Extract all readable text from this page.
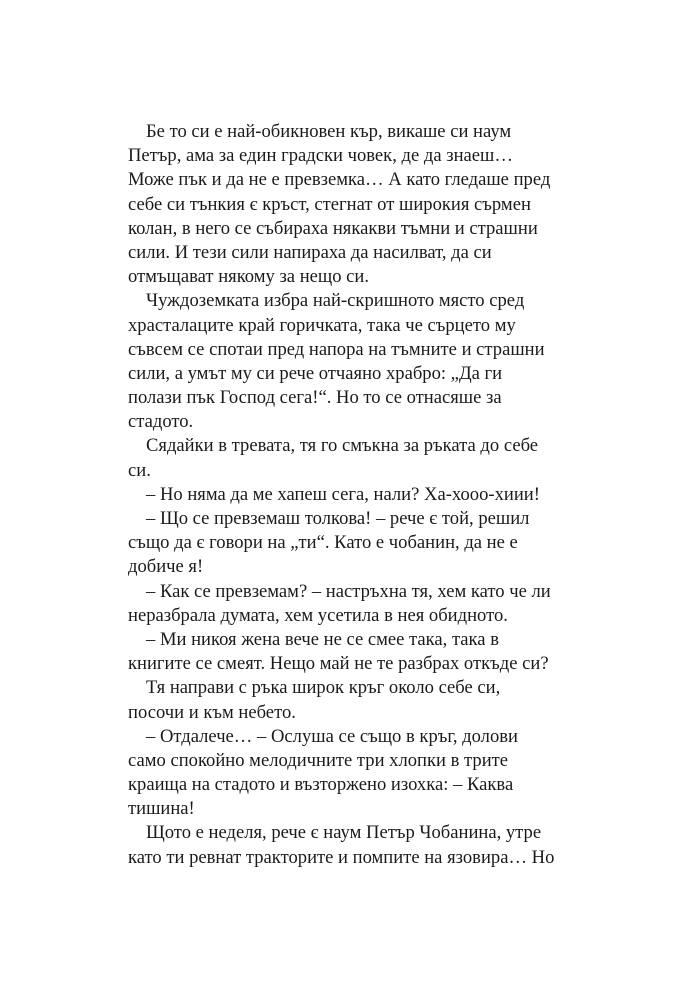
Бе то си е най-обикновен кър, викаше си наум
Петър, ама за един градски човек, де да знаеш…
Може пък и да не е превземка… А като гледаше пред
себе си тънкия є кръст, стегнат от широкия сърмен
колан, в него се събираха някакви тъмни и страшни
сили. И тези сили напираха да насилват, да си
отмъщават някому за нещо си.
Чуждоземката избра най-скришното място сред
храсталаците край горичката, така че сърцето му
съвсем се спотаи пред напора на тъмните и страшни
сили, а умът му си рече отчаяно храбро: „Да ги
полази пък Господ сега!“. Но то се отнасяше за
стадото.
Сядайки в тревата, тя го смъкна за ръката до себе
си.
– Но няма да ме хапеш сега, нали? Ха-хооо-хиии!
– Що се превземаш толкова! – рече є той, решил
също да є говори на „ти“. Като е чобанин, да не е
добиче я!
– Как се превземам? – настръхна тя, хем като че ли
неразбрала думата, хем усетила в нея обидното.
– Ми никоя жена вече не се смее така, така в
книгите се смеят. Нещо май не те разбрах откъде си?
Тя направи с ръка широк кръг около себе си,
посочи и към небето.
– Отдалече… – Ослуша се също в кръг, долови
само спокойно мелодичните три хлопки в трите
краища на стадото и възторжено изохка: – Каква
тишина!
Щото е неделя, рече є наум Петър Чобанина, утре
като ти ревнат тракторите и помпите на язовира… Но
